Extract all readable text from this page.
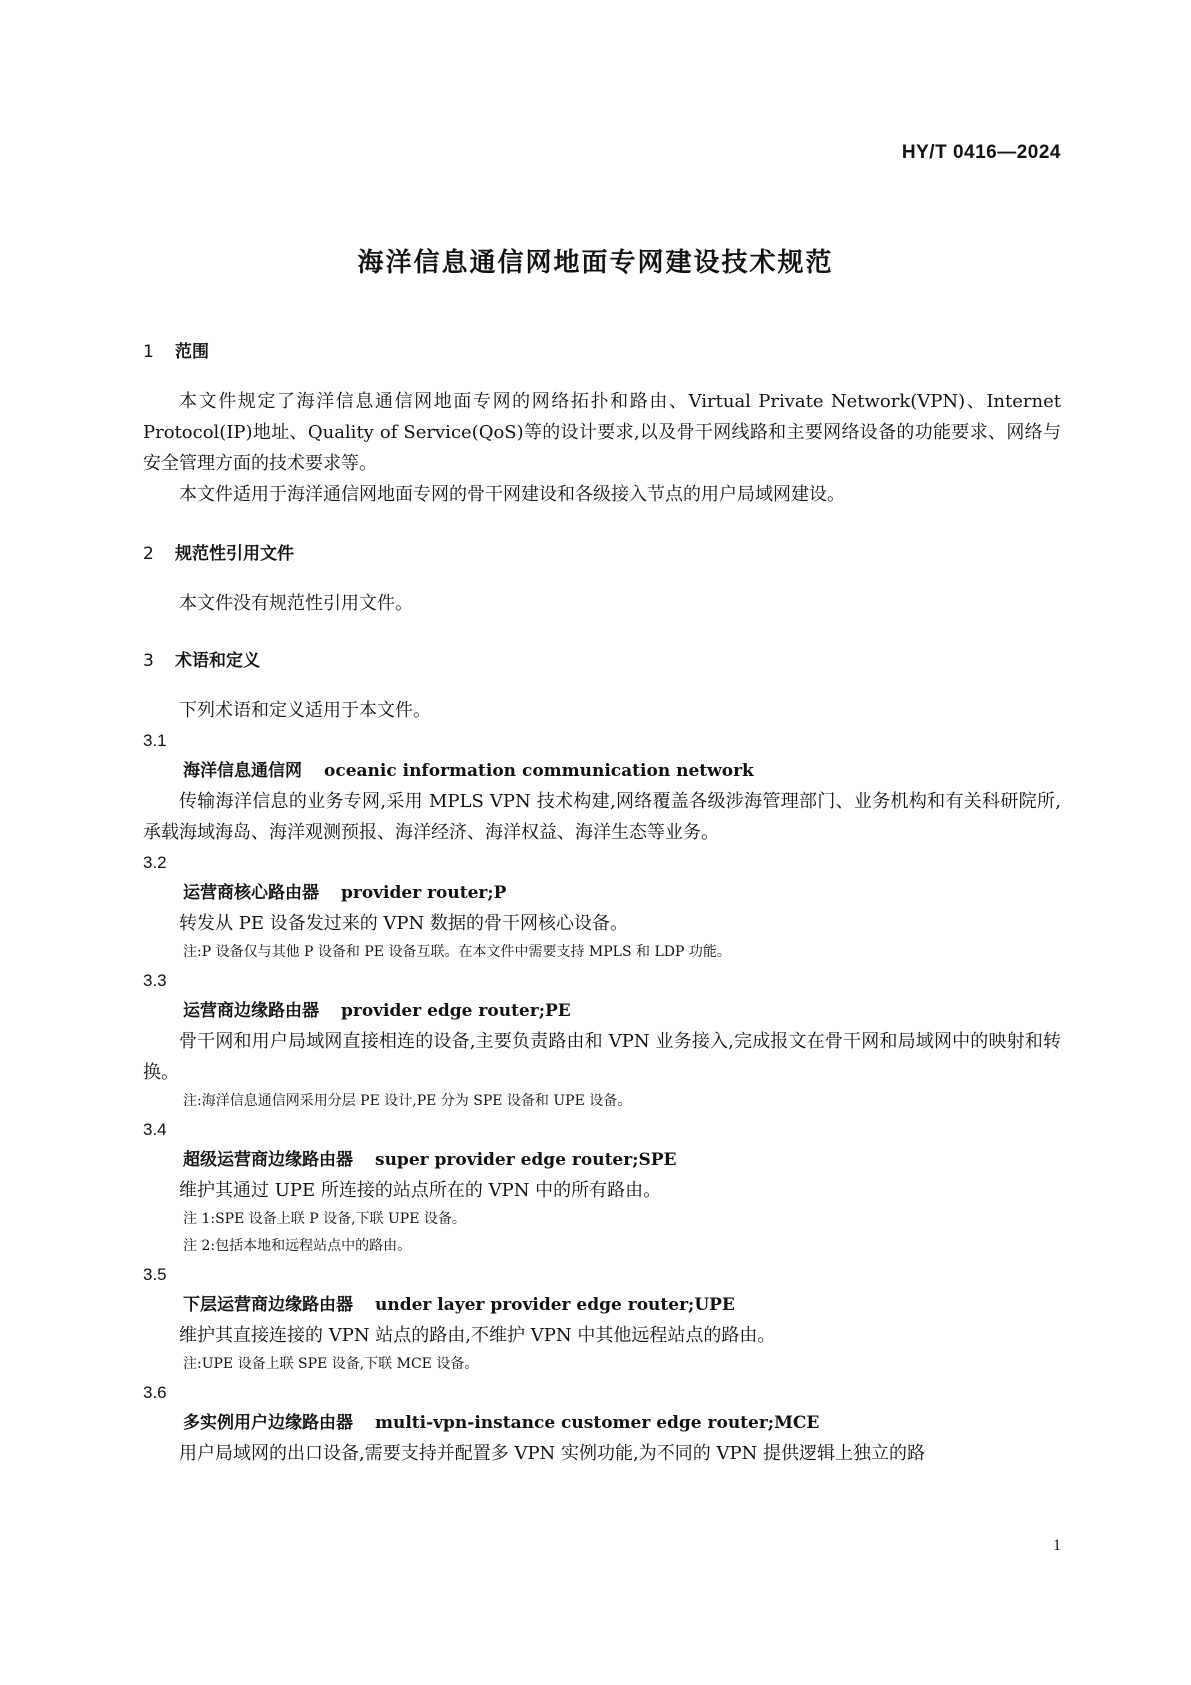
HY/T 0416—2024
海洋信息通信网地面专网建设技术规范
1 范围
本文件规定了海洋信息通信网地面专网的网络拓扑和路由、Virtual Private Network(VPN)、Internet Protocol(IP)地址、Quality of Service(QoS)等的设计要求,以及骨干网线路和主要网络设备的功能要求、网络与安全管理方面的技术要求等。
本文件适用于海洋通信网地面专网的骨干网建设和各级接入节点的用户局域网建设。
2 规范性引用文件
本文件没有规范性引用文件。
3 术语和定义
下列术语和定义适用于本文件。
3.1
海洋信息通信网 oceanic information communication network
传输海洋信息的业务专网,采用 MPLS VPN 技术构建,网络覆盖各级涉海管理部门、业务机构和有关科研院所,承载海域海岛、海洋观测预报、海洋经济、海洋权益、海洋生态等业务。
3.2
运营商核心路由器 provider router;P
转发从 PE 设备发过来的 VPN 数据的骨干网核心设备。
注:P 设备仅与其他 P 设备和 PE 设备互联。在本文件中需要支持 MPLS 和 LDP 功能。
3.3
运营商边缘路由器 provider edge router;PE
骨干网和用户局域网直接相连的设备,主要负责路由和 VPN 业务接入,完成报文在骨干网和局域网中的映射和转换。
注:海洋信息通信网采用分层 PE 设计,PE 分为 SPE 设备和 UPE 设备。
3.4
超级运营商边缘路由器 super provider edge router;SPE
维护其通过 UPE 所连接的站点所在的 VPN 中的所有路由。
注 1:SPE 设备上联 P 设备,下联 UPE 设备。
注 2:包括本地和远程站点中的路由。
3.5
下层运营商边缘路由器 under layer provider edge router;UPE
维护其直接连接的 VPN 站点的路由,不维护 VPN 中其他远程站点的路由。
注:UPE 设备上联 SPE 设备,下联 MCE 设备。
3.6
多实例用户边缘路由器 multi-vpn-instance customer edge router;MCE
用户局域网的出口设备,需要支持并配置多 VPN 实例功能,为不同的 VPN 提供逻辑上独立的路
1
